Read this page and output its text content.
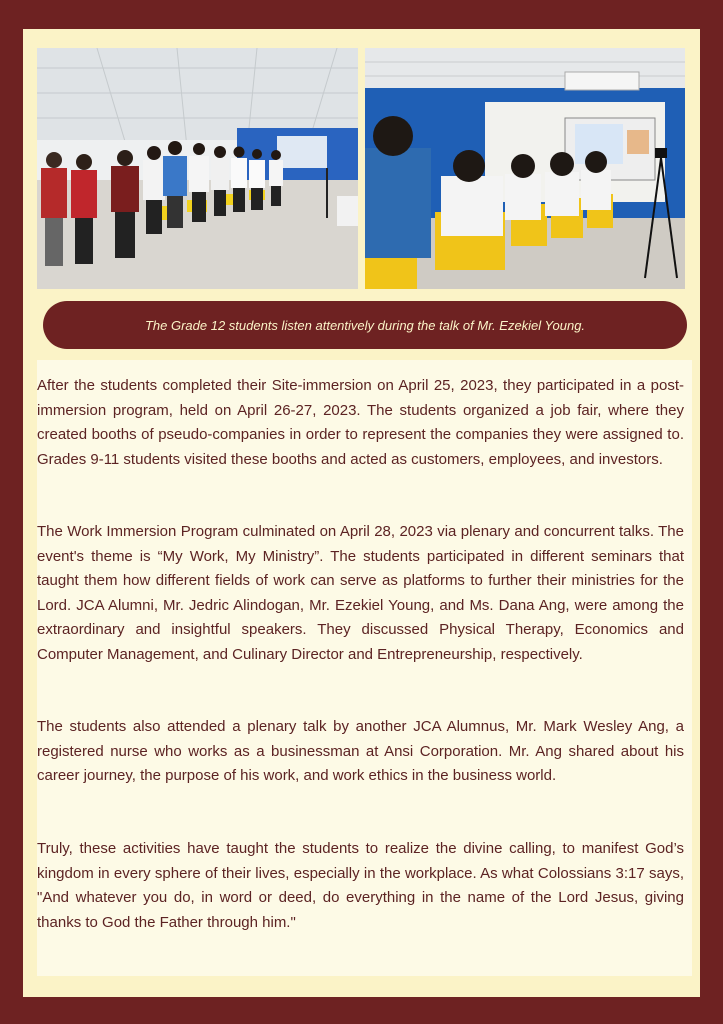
The Grade 12 students listen attentively during the talk of Mr. Ezekiel Young.

After the students completed their Site-immersion on April 25, 2023, they participated in a post-immersion program, held on April 26-27, 2023. The students organized a job fair, where they created booths of pseudo-companies in order to represent the companies they were assigned to. Grades 9-11 students visited these booths and acted as customers, employees, and investors.

The Work Immersion Program culminated on April 28, 2023 via plenary and concurrent talks. The event's theme is “My Work, My Ministry”. The students participated in different seminars that taught them how different fields of work can serve as platforms to further their ministries for the Lord. JCA Alumni, Mr. Jedric Alindogan, Mr. Ezekiel Young, and Ms. Dana Ang, were among the extraordinary and insightful speakers. They discussed Physical Therapy, Economics and Computer Management, and Culinary Director and Entrepreneurship, respectively.

The students also attended a plenary talk by another JCA Alumnus, Mr. Mark Wesley Ang, a registered nurse who works as a businessman at Ansi Corporation. Mr. Ang shared about his career journey, the purpose of his work, and work ethics in the business world.

Truly, these activities have taught the students to realize the divine calling, to manifest God’s kingdom in every sphere of their lives, especially in the workplace. As what Colossians 3:17 says, "And whatever you do, in word or deed, do everything in the name of the Lord Jesus, giving thanks to God the Father through him."
